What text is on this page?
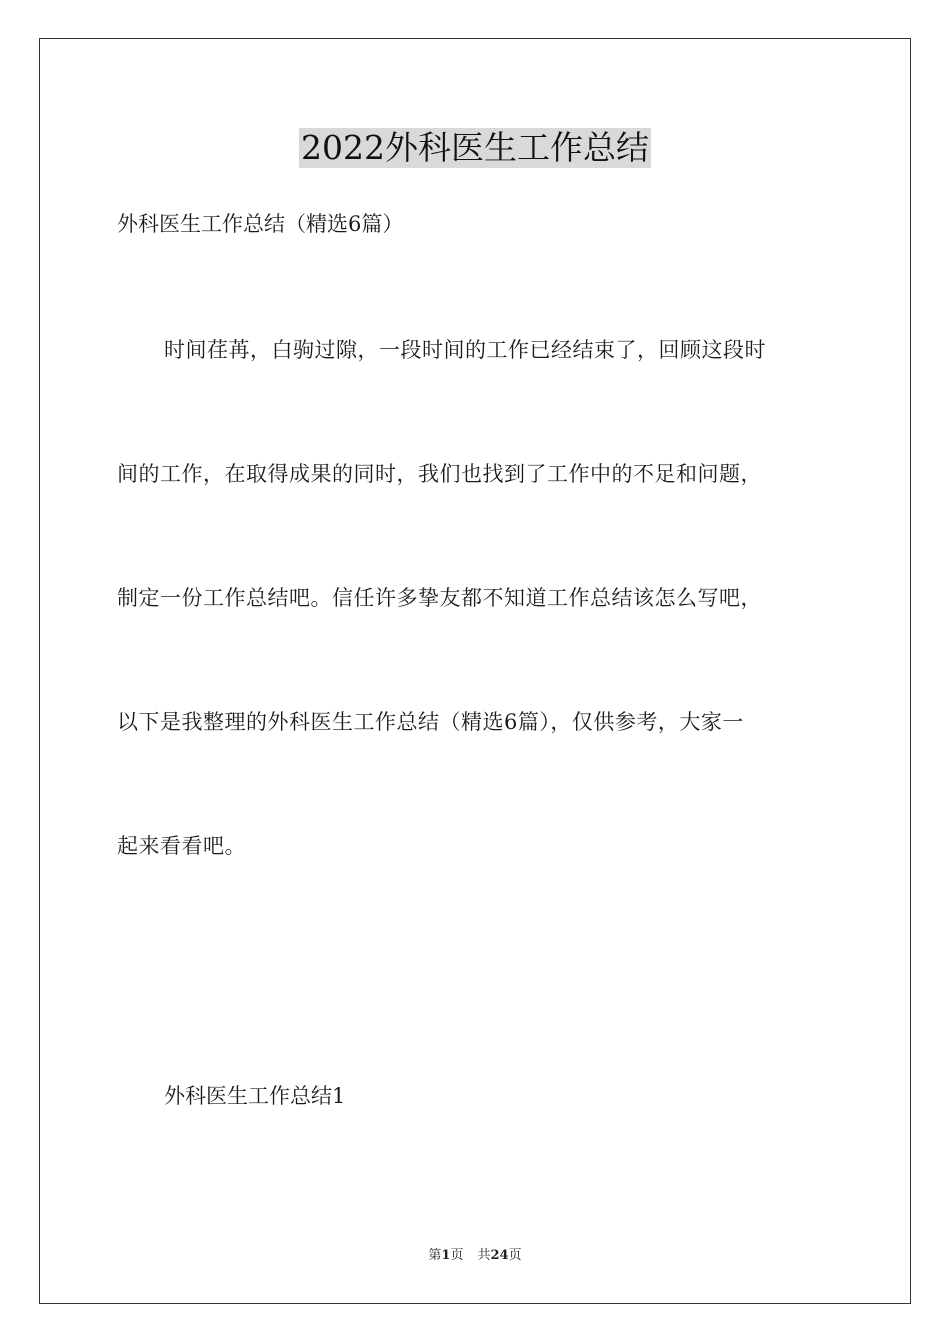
2022外科医生工作总结
外科医生工作总结（精选6篇）
时间荏苒，白驹过隙，一段时间的工作已经结束了，回顾这段时
间的工作，在取得成果的同时，我们也找到了工作中的不足和问题，
制定一份工作总结吧。信任许多挚友都不知道工作总结该怎么写吧，
以下是我整理的外科医生工作总结（精选6篇），仅供参考，大家一
起来看看吧。
外科医生工作总结1
第1页 共24页
